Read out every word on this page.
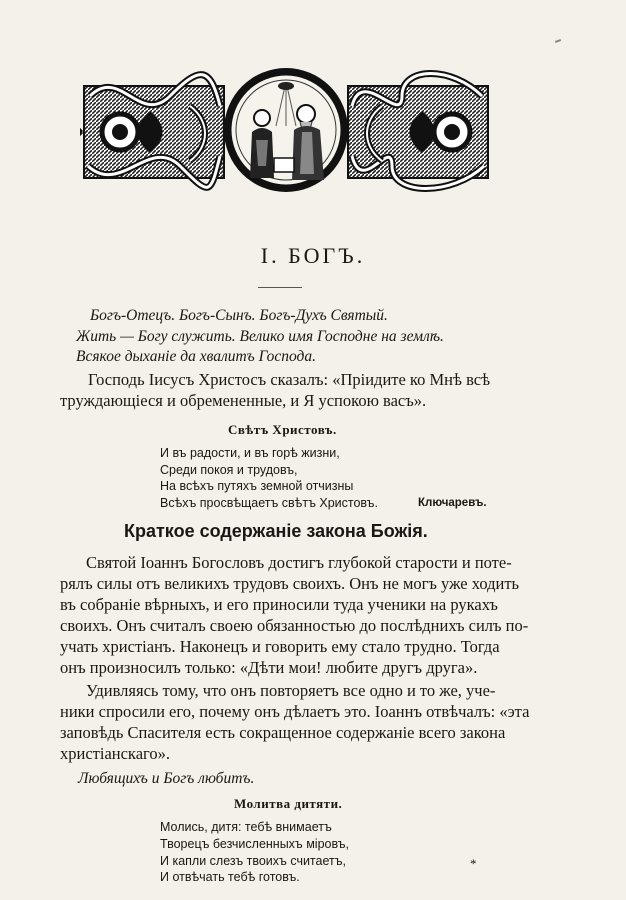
I. БОГЪ.
Богъ-Отецъ. Богъ-Сынъ. Богъ-Духъ Святый.
Жить — Богу служить. Велико имя Господне на землѣ.
Всякое дыханіе да хвалитъ Господа.
Господь Іисусъ Христосъ сказалъ: «Пріидите ко Мнѣ всѣ
труждающіеся и обремененные, и Я успокою васъ».
Свѣтъ Христовъ.
И въ радости, и въ горѣ жизни,
Среди покоя и трудовъ,
На всѣхъ путяхъ земной отчизны
Всѣхъ просвѣщаетъ свѣтъ Христовъ.	Ключаревъ.
Краткое содержаніе закона Божія.
Святой Іоаннъ Богословъ достигъ глубокой старости и поте-
рялъ силы отъ великихъ трудовъ своихъ. Онъ не могъ уже ходить
въ собраніе вѣрныхъ, и его приносили туда ученики на рукахъ
своихъ. Онъ считалъ своею обязанностью до послѣднихъ силъ по-
учать христіанъ. Наконецъ и говорить ему стало трудно. Тогда
онъ произносилъ только: «Дѣти мои! любите другъ друга».
Удивляясь тому, что онъ повторяетъ все одно и то же, уче-
ники спросили его, почему онъ дѣлаетъ это. Іоаннъ отвѣчалъ: «эта
заповѣдь Спасителя есть сокращенное содержаніе всего закона
христіанскаго».
Любящихъ и Богъ любитъ.
Молитва дитяти.
Молись, дитя: тебѣ внимаетъ
Творецъ безчисленныхъ міровъ,
И капли слезъ твоихъ считаетъ,
И отвѣчать тебѣ готовъ.
*
